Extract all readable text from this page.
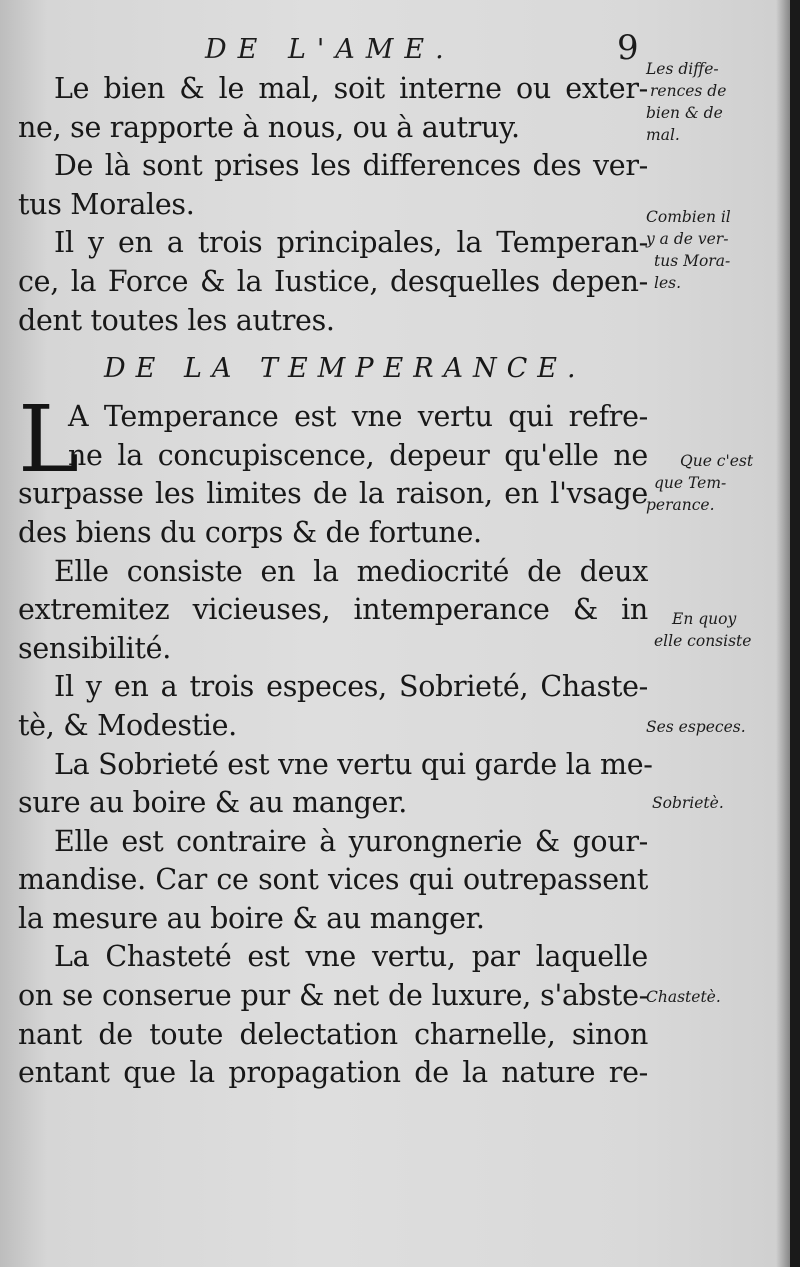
DE L'AME.	9
Le bien & le mal, soit interne ou exter-
ne, se rapporte à nous, ou à autruy.
De là sont prises les differences des ver-
tus Morales.
Il y en a trois principales, la Temperan-
ce, la Force & la Iustice, desquelles depen-
dent toutes les autres.
DE LA TEMPERANCE.
L
A Temperance est vne vertu qui refre-
ne la concupiscence, depeur qu'elle ne
surpasse les limites de la raison, en l'vsage
des biens du corps & de fortune.
Elle consiste en la mediocrité de deux
extremitez vicieuses, intemperance & in
sensibilité.
Il y en a trois especes, Sobrieté, Chaste-
tè, & Modestie.
La Sobrieté est vne vertu qui garde la me-
sure au boire & au manger.
Elle est contraire à yurongnerie & gour-
mandise. Car ce sont vices qui outrepassent
la mesure au boire & au manger.
La Chasteté est vne vertu, par laquelle
on se conserue pur & net de luxure, s'abste-
nant de toute delectation charnelle, sinon
entant que la propagation de la nature re-
Les diffe-
rences de
bien & de
mal.
Combien il
y a de ver-
tus Mora-
les.
Que c'est
que Tem-
perance.
En quoy
elle consiste
Ses especes.
Sobrietè.
Chastetè.
